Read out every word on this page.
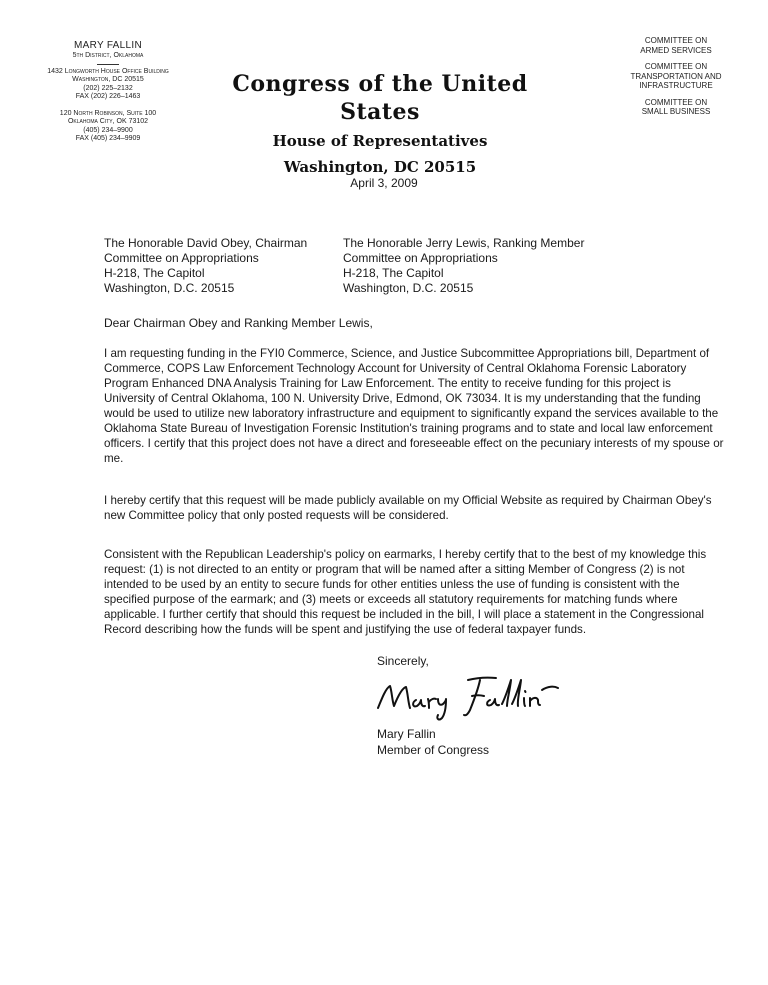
MARY FALLIN
5th District, Oklahoma
1432 Longworth House Office Building
Washington, DC 20515
(202) 225–2132
FAX (202) 226–1463
120 North Robinson, Suite 100
Oklahoma City, OK 73102
(405) 234–9900
FAX (405) 234–9909
Congress of the United States
House of Representatives
Washington, DC 20515
COMMITTEE ON
ARMED SERVICES
COMMITTEE ON
TRANSPORTATION AND
INFRASTRUCTURE
COMMITTEE ON
SMALL BUSINESS
April 3, 2009
The Honorable David Obey, Chairman
Committee on Appropriations
H-218, The Capitol
Washington, D.C. 20515
The Honorable Jerry Lewis, Ranking Member
Committee on Appropriations
H-218, The Capitol
Washington, D.C. 20515
Dear Chairman Obey and Ranking Member Lewis,

I am requesting funding in the FYI0 Commerce, Science, and Justice Subcommittee Appropriations bill, Department of Commerce, COPS Law Enforcement Technology Account for University of Central Oklahoma Forensic Laboratory Program Enhanced DNA Analysis Training for Law Enforcement. The entity to receive funding for this project is University of Central Oklahoma, 100 N. University Drive, Edmond, OK 73034. It is my understanding that the funding would be used to utilize new laboratory infrastructure and equipment to significantly expand the services available to the Oklahoma State Bureau of Investigation Forensic Institution's training programs and to state and local law enforcement officers. I certify that this project does not have a direct and foreseeable effect on the pecuniary interests of my spouse or me.

I hereby certify that this request will be made publicly available on my Official Website as required by Chairman Obey's new Committee policy that only posted requests will be considered.

Consistent with the Republican Leadership's policy on earmarks, I hereby certify that to the best of my knowledge this request: (1) is not directed to an entity or program that will be named after a sitting Member of Congress (2) is not intended to be used by an entity to secure funds for other entities unless the use of funding is consistent with the specified purpose of the earmark; and (3) meets or exceeds all statutory requirements for matching funds where applicable. I further certify that should this request be included in the bill, I will place a statement in the Congressional Record describing how the funds will be spent and justifying the use of federal taxpayer funds.

Sincerely,
Mary Fallin
Member of Congress
